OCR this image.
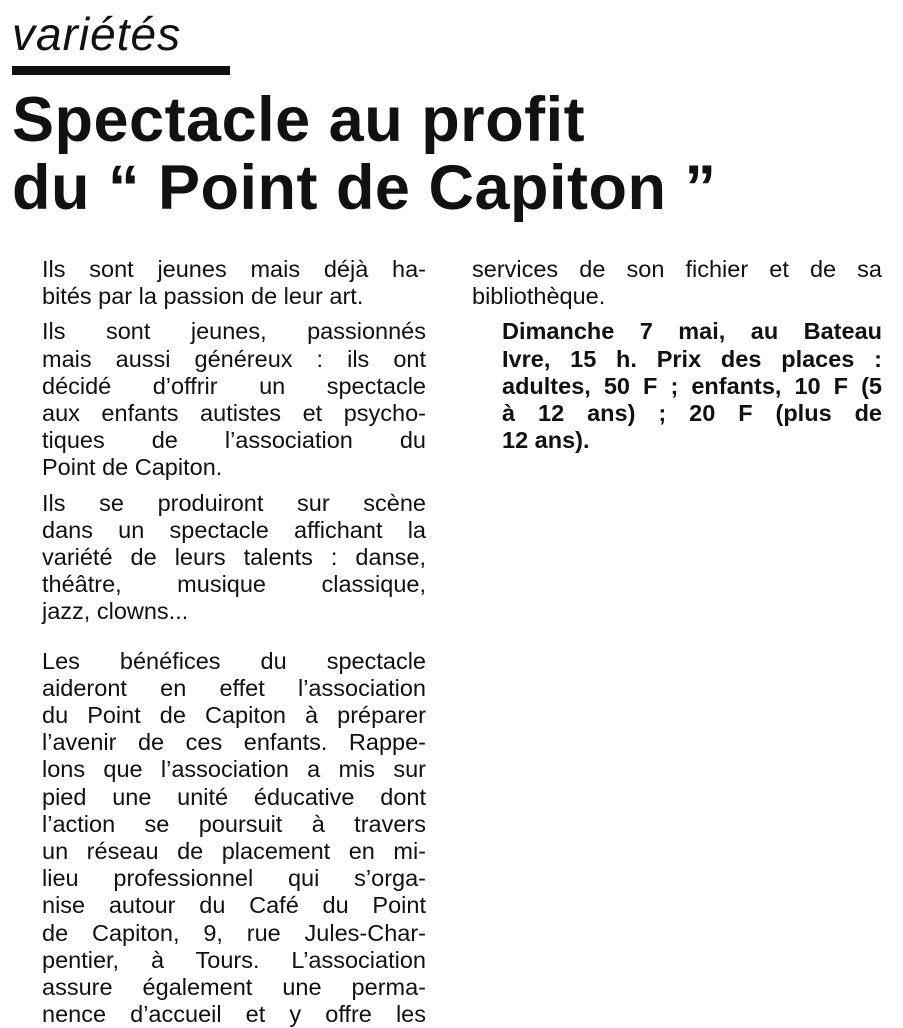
variétés
Spectacle au profit
du “ Point de Capiton ”

Ils sont jeunes mais déjà ha-
bités par la passion de leur art.

Ils sont jeunes, passionnés
mais aussi généreux : ils ont
décidé d’offrir un spectacle
aux enfants autistes et psycho-
tiques de l’association du
Point de Capiton.

Ils se produiront sur scène
dans un spectacle affichant la
variété de leurs talents : danse,
théâtre, musique classique,
jazz, clowns...

Les bénéfices du spectacle
aideront en effet l’association
du Point de Capiton à préparer
l’avenir de ces enfants. Rappe-
lons que l’association a mis sur
pied une unité éducative dont
l’action se poursuit à travers
un réseau de placement en mi-
lieu professionnel qui s’orga-
nise autour du Café du Point
de Capiton, 9, rue Jules-Char-
pentier, à Tours. L’association
assure également une perma-
nence d’accueil et y offre les

services de son fichier et de sa
bibliothèque.

Dimanche 7 mai, au Bateau
Ivre, 15 h. Prix des places :
adultes, 50 F ; enfants, 10 F (5
à 12 ans) ; 20 F (plus de
12 ans).
